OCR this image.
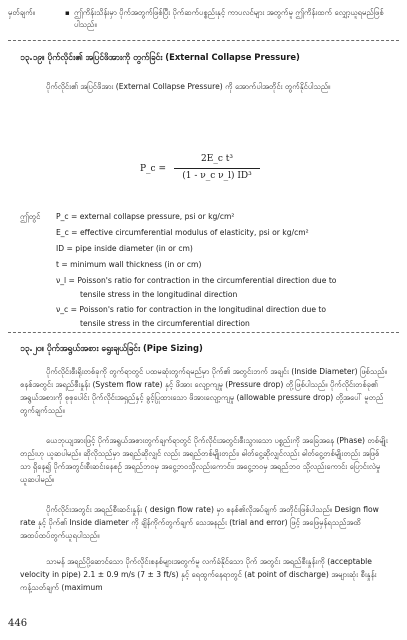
မှတ်ချက်။	▪ ဤကိန်းသိန်းမှာ ပိုက်အတွက်ဖြစ်ပြီး ပိုက်ဆက်ပစ္စည်းနှင့် ကာပလင်များ အတွက်မူ ဤကိန်းထက် လျှော့ယူရမည်ဖြစ်ပါသည်။
၁၃.၁၉။ ပိုက်လိုင်း၏ အပြင်ဖိအားကို တွက်ခြင်း (External Collapse Pressure)

ပိုက်လိုင်း၏ အပြင်ဖိအား (External Collapse Pressure) ကို အောက်ပါအတိုင်း တွက်နိုင်ပါသည်။

P_c =
2E_c t³
(1 - ν_c ν_l) ID³
ဤတွင် P_c = external collapse pressure, psi or kg/cm²
E_c = effective circumferential modulus of elasticity, psi or kg/cm²
ID = pipe inside diameter (in or cm)
t = minimum wall thickness (in or cm)
ν_l = Poisson's ratio for contraction in the circumferential direction due to
tensile stress in the longitudinal direction
ν_c = Poisson's ratio for contraction in the longitudinal direction due to
tensile stress in the circumferential direction
၁၃.၂၀။ ပိုက်အရွယ်အစား ရွေးချယ်ခြင်း (Pipe Sizing)

ပိုက်လိုင်းစီးရိုးတစ်ခုကို တွက်ရာတွင် ပထမဆုံးတွက်ရမည်မှာ ပိုက်၏ အတွင်းဘက် အချင်း (Inside Diameter) ဖြစ်သည်။ စနစ်အတွင်း အရည်စီးနှုန်း (System flow rate) နှင့် ဖိအား လျော့ကျမှု (Pressure drop) တို့ဖြစ်ပါသည်။ ပိုက်လိုင်းတစ်ခု၏ အရွယ်အစားကို စုစုပေါင်း ပိုက်လိုင်းအရှည်နှင့် ခွင့်ပြုထားသော ဖိအားလျော့ကျမှု (allowable pressure drop) တို့အပေါ် မူတည်တွက်ချက်သည်။

ယေဘုယျအားဖြင့် ပိုက်အရွယ်အစားတွက်ချက်ရာတွင် ပိုက်လိုင်းအတွင်းစီးသွားသော ပစ္စည်းကို အခြေအနေ (Phase) တစ်မျိုးတည်းဟု ယူဆပါမည်။ ဆိုလိုသည်မှာ အရည်ဆိုလျှင် လည်း အရည်တစ်မျိုးတည်း၊ ဓါတ်ငွေ့ဆိုလျှင်လည်း ဓါတ်ငွေ့တစ်မျိုးတည်း အဖြစ်သာ ရှိနေ၍ ပိုက်အတွင်းစီးဆင်းနေစဉ် အရည်ဘဝမှ အငွေ့ဘဝသို့လည်းကောင်း၊ အငွေ့ဘဝမှ အရည်ဘဝ သို့လည်းကောင်း ပြောင်းလဲမှု ယူဆပါမည်။

ပိုက်လိုင်းအတွင်း အရည်စီးဆင်းနှုန်း ( design flow rate) မှာ စနစ်၏လိုအပ်ချက် အတိုင်းဖြစ်ပါသည်။ Design flow rate နှင့် ပိုက်၏ Inside diameter ကို ချိန်ကိုက်တွက်ချက် သေအနည်း (trial and error) ဖြင့် အဖြေမှန်ရသည်အထိ အထပ်ထပ်တွက်ယူရပါသည်။

သာမန် အရည်ပို့ဆောင်သော ပိုက်လိုင်းစနစ်များအတွက်မူ လက်ခံနိုင်သော ပိုက် အတွင်း အရည်စီးနှုန်းကို (acceptable velocity in pipe) 2.1 ± 0.9 m/s (7 ± 3 ft/s) နှင့် ရေထွက်နေရာတွင် (at point of discharge) အများဆုံး စီးနှုန်းကန့်သတ်ချက် (maximum

446
